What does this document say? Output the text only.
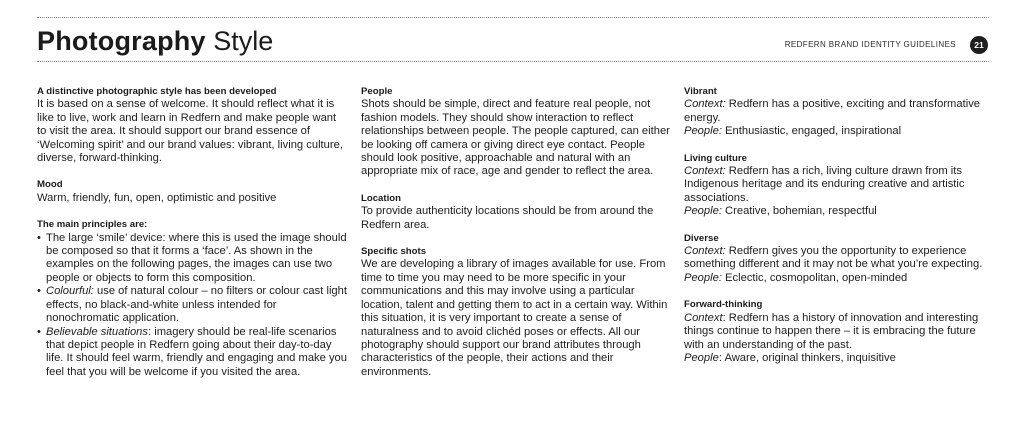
Photography Style	REDFERN BRAND IDENTITY GUIDELINES	21
A distinctive photographic style has been developed

It is based on a sense of welcome. It should reflect what it is like to live, work and learn in Redfern and make people want to visit the area. It should support our brand essence of ‘Welcoming spirit’ and our brand values: vibrant, living culture, diverse, forward-thinking.

Mood

Warm, friendly, fun, open, optimistic and positive

The main principles are:
• The large ‘smile’ device: where this is used the image should be composed so that it forms a ‘face’. As shown in the examples on the following pages, the images can use two people or objects to form this composition.
• Colourful: use of natural colour – no filters or colour cast light effects, no black-and-white unless intended for nonochromatic application.
• Believable situations: imagery should be real-life scenarios that depict people in Redfern going about their day-to-day life. It should feel warm, friendly and engaging and make you feel that you will be welcome if you visited the area.
People

Shots should be simple, direct and feature real people, not fashion models. They should show interaction to reflect relationships between people. The people captured, can either be looking off camera or giving direct eye contact. People should look positive, approachable and natural with an appropriate mix of race, age and gender to reflect the area.

Location

To provide authenticity locations should be from around the Redfern area.

Specific shots

We are developing a library of images available for use. From time to time you may need to be more specific in your communications and this may involve using a particular location, talent and getting them to act in a certain way. Within this situation, it is very important to create a sense of naturalness and to avoid clichéd poses or effects. All our photography should support our brand attributes through characteristics of the people, their actions and their environments.

Vibrant

Context: Redfern has a positive, exciting and transformative energy.

People: Enthusiastic, engaged, inspirational

Living culture

Context: Redfern has a rich, living culture drawn from its Indigenous heritage and its enduring creative and artistic associations.

People: Creative, bohemian, respectful

Diverse

Context: Redfern gives you the opportunity to experience something different and it may not be what you’re expecting.

People: Eclectic, cosmopolitan, open-minded

Forward-thinking

Context: Redfern has a history of innovation and interesting things continue to happen there – it is embracing the future with an understanding of the past.

People: Aware, original thinkers, inquisitive
